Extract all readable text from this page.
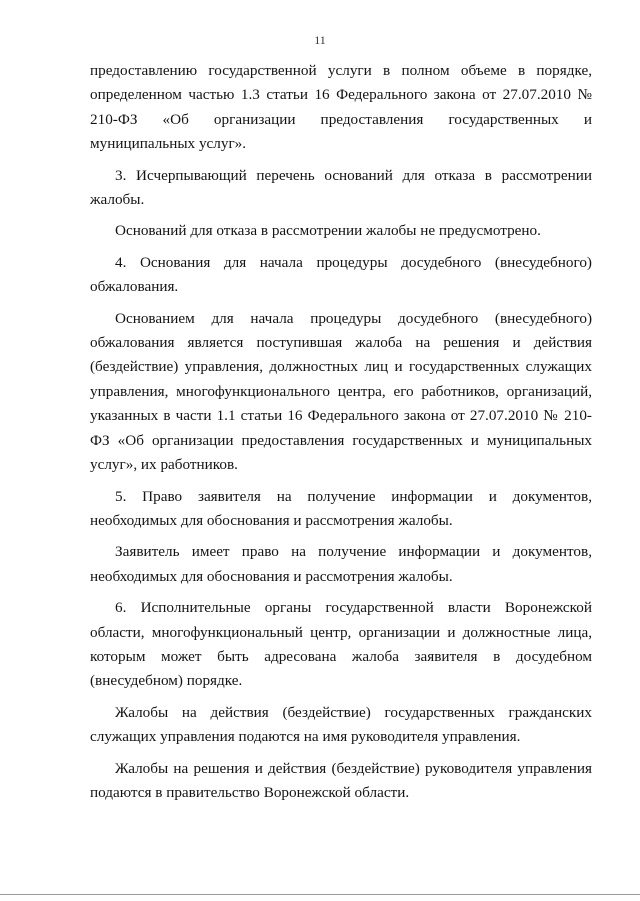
11

предоставлению государственной услуги в полном объеме в порядке, определенном частью 1.3 статьи 16 Федерального закона от 27.07.2010 № 210-ФЗ «Об организации предоставления государственных и муниципальных услуг».

3. Исчерпывающий перечень оснований для отказа в рассмотрении жалобы.

Оснований для отказа в рассмотрении жалобы не предусмотрено.

4. Основания для начала процедуры досудебного (внесудебного) обжалования.

Основанием для начала процедуры досудебного (внесудебного) обжалования является поступившая жалоба на решения и действия (бездействие) управления, должностных лиц и государственных служащих управления, многофункционального центра, его работников, организаций, указанных в части 1.1 статьи 16 Федерального закона от 27.07.2010 № 210-ФЗ «Об организации предоставления государственных и муниципальных услуг», их работников.

5. Право заявителя на получение информации и документов, необходимых для обоснования и рассмотрения жалобы.

Заявитель имеет право на получение информации и документов, необходимых для обоснования и рассмотрения жалобы.

6. Исполнительные органы государственной власти Воронежской области, многофункциональный центр, организации и должностные лица, которым может быть адресована жалоба заявителя в досудебном (внесудебном) порядке.

Жалобы на действия (бездействие) государственных гражданских служащих управления подаются на имя руководителя управления.

Жалобы на решения и действия (бездействие) руководителя управления подаются в правительство Воронежской области.
